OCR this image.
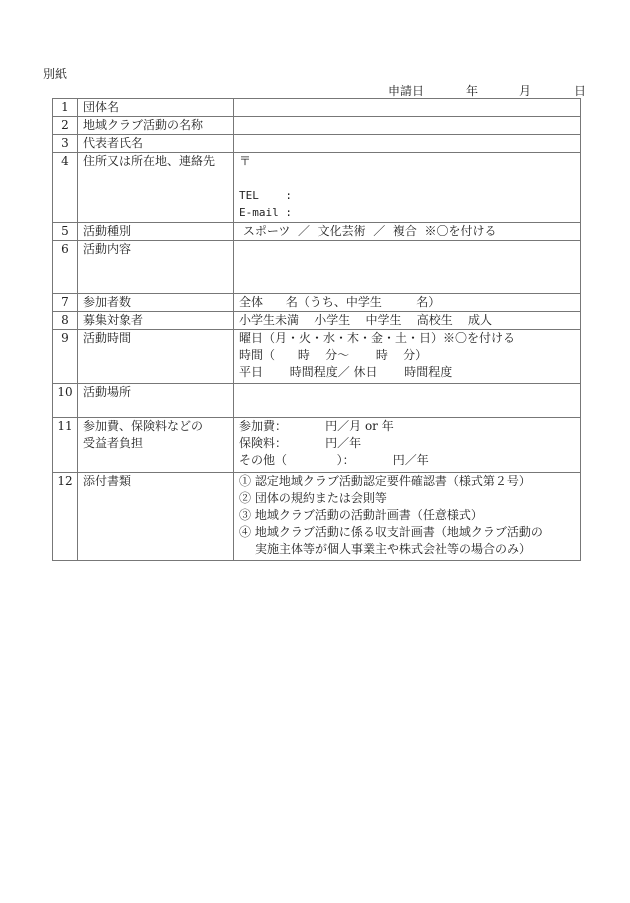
別紙
申請日	年	月	日
1	団体名	
2	地域クラブ活動の名称	
3	代表者氏名	
4	住所又は所在地、連絡先	〒
TEL    :
E-mail :

5	活動種別	スポーツ  ／  文化芸術  ／  複合  ※〇を付ける

6	活動内容	
7	参加者数	全体      名（うち、中学生         名）

8	募集対象者	小学生未満    小学生    中学生    高校生    成人

9	活動時間	曜日（月・火・水・木・金・土・日）※〇を付ける
時間（      時    分～       時    分）
平日       時間程度／ 休日       時間程度

10	活動場所	
11	参加費、保険料などの
受益者負担	参加費：          円／月 or 年
保険料：          円／年
その他（             ）：          円／年

12	添付書類	① 認定地域クラブ活動認定要件確認書（様式第２号）
② 団体の規約または会則等
③ 地域クラブ活動の活動計画書（任意様式）
④ 地域クラブ活動に係る収支計画書（地域クラブ活動の
実施主体等が個人事業主や株式会社等の場合のみ）
